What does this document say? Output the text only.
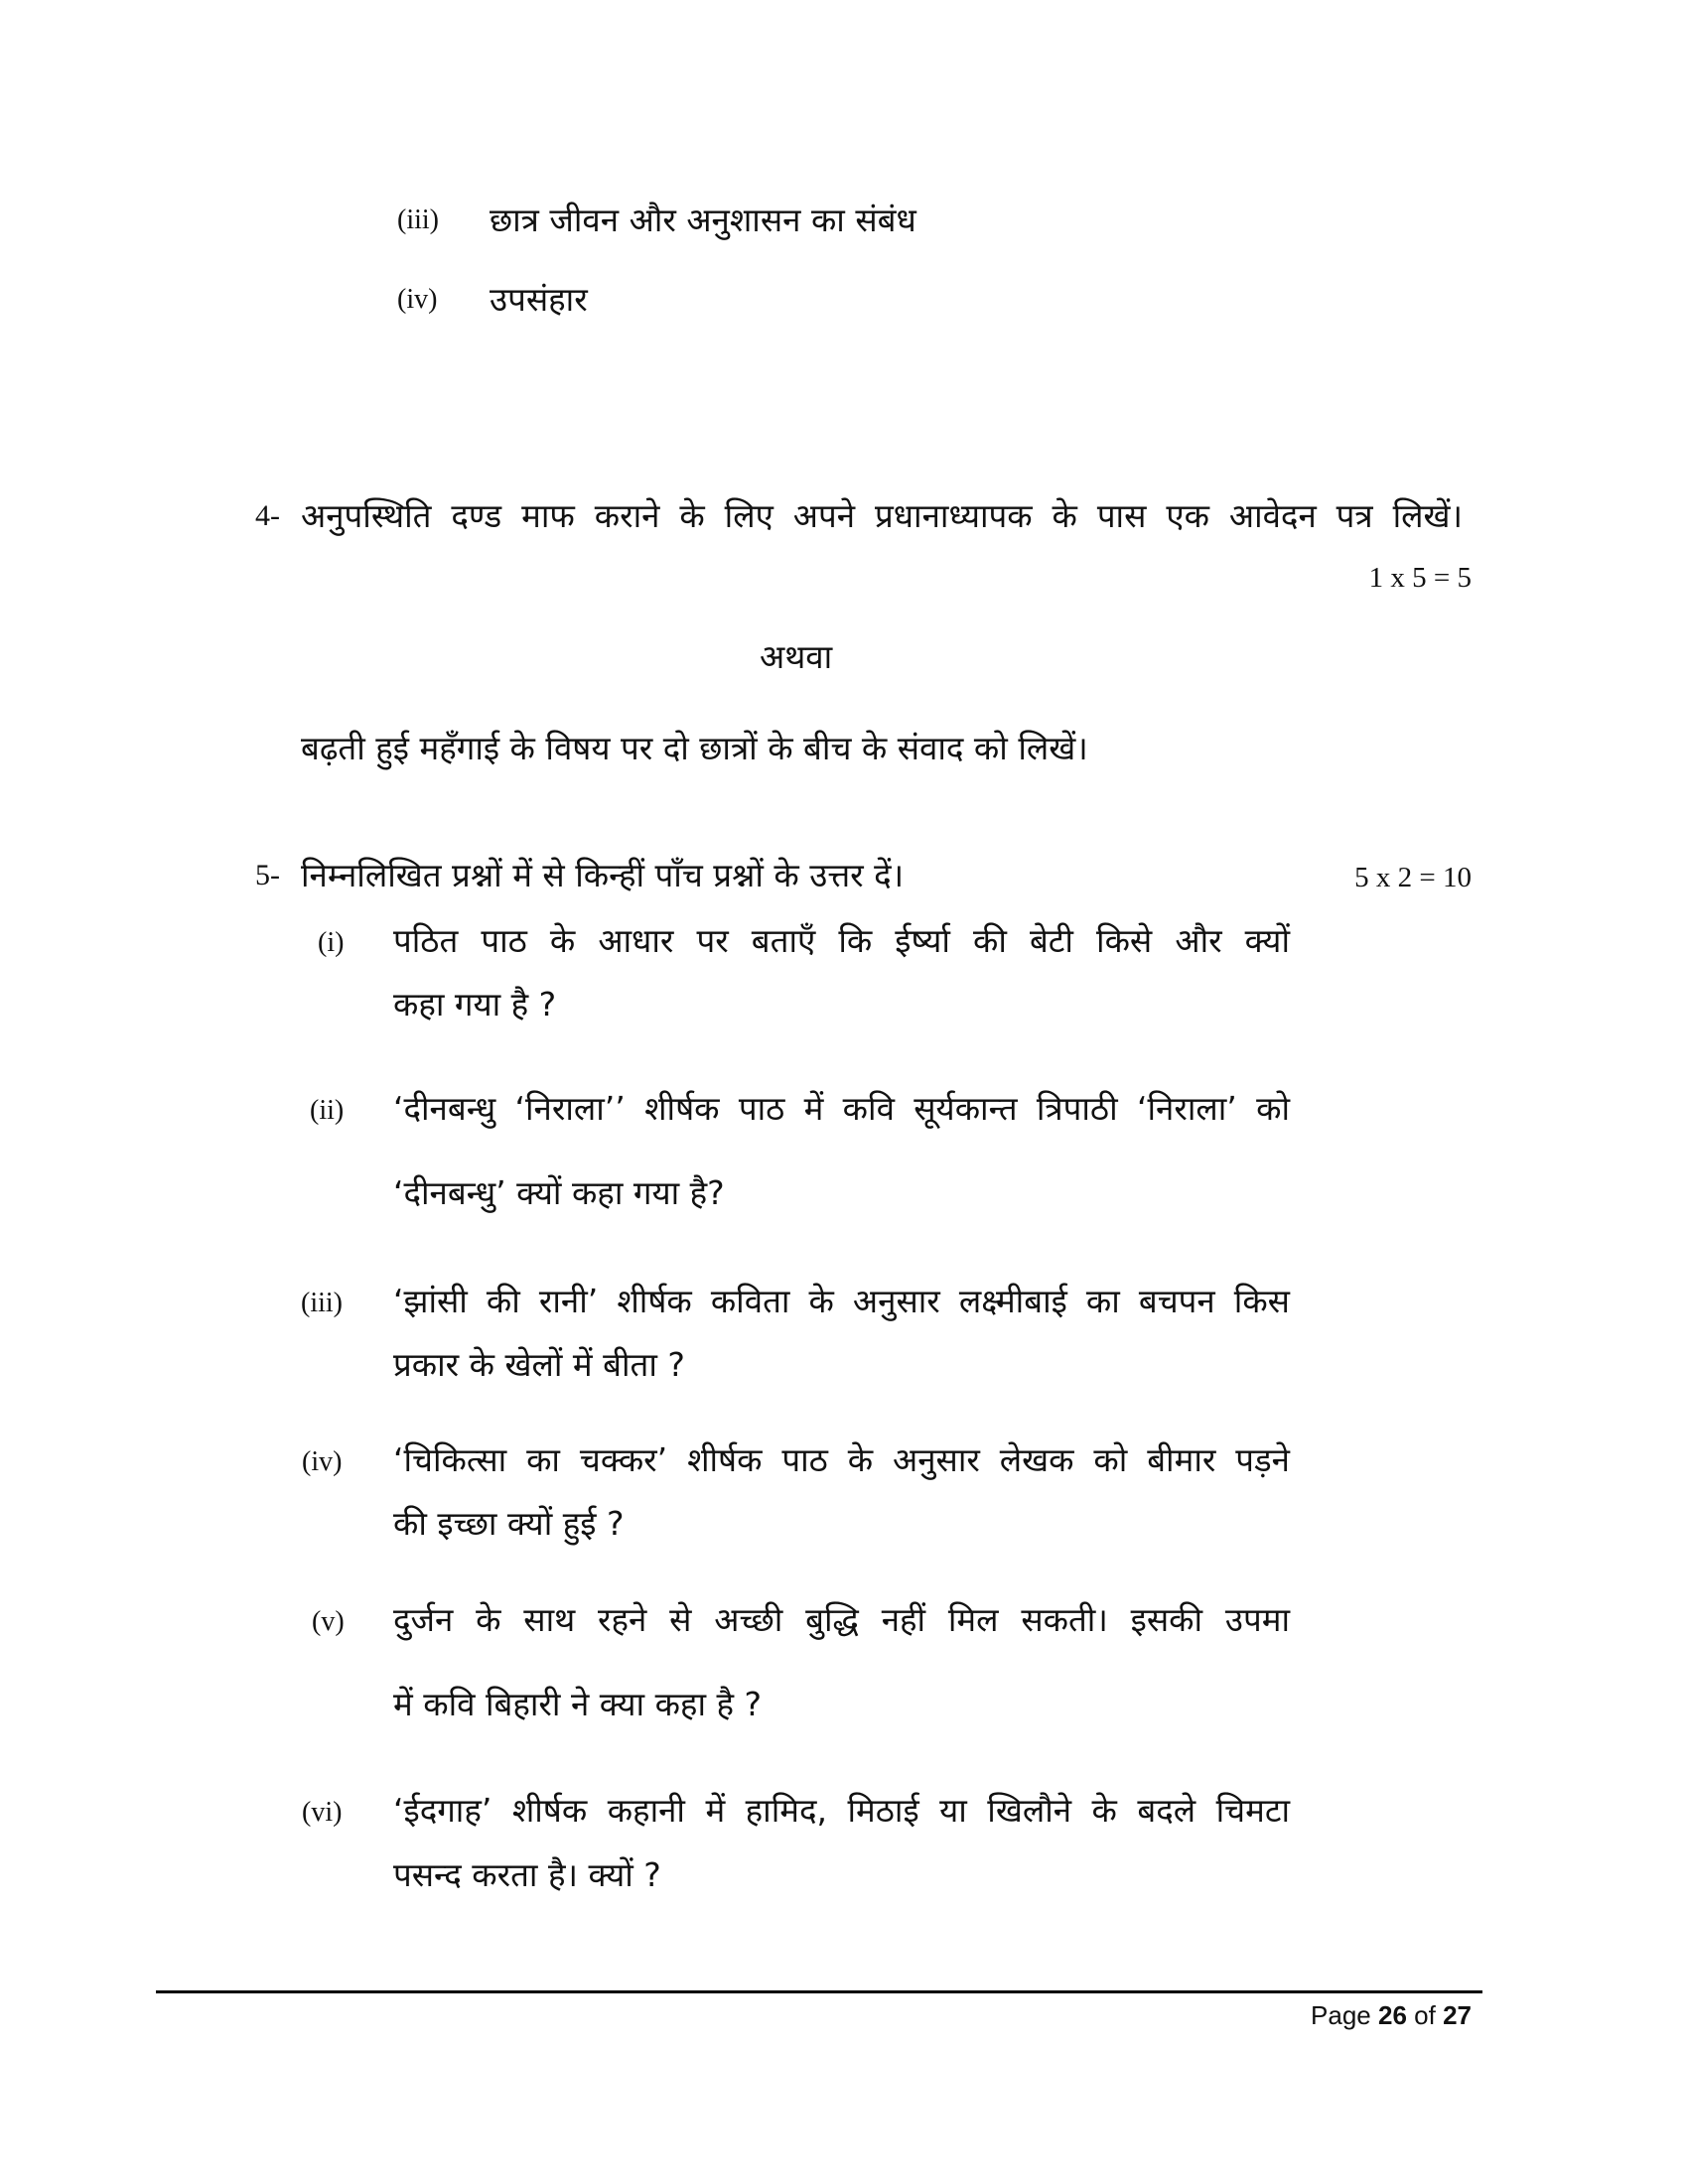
(iii) छात्र जीवन और अनुशासन का संबंध
(iv) उपसंहार
4- अनुपस्थिति दण्ड माफ कराने के लिए अपने प्रधानाध्यापक के पास एक आवेदन पत्र लिखें।
1 x 5 = 5
अथवा
बढ़ती हुई महँगाई के विषय पर दो छात्रों के बीच के संवाद को लिखें।
5- निम्नलिखित प्रश्नों में से किन्हीं पाँच प्रश्नों के उत्तर दें।	5 x 2 = 10
(i) पठित पाठ के आधार पर बताएँ कि ईर्ष्या की बेटी किसे और क्यों
कहा गया है ?
(ii) ‘दीनबन्धु ‘निराला’’ शीर्षक पाठ में कवि सूर्यकान्त त्रिपाठी ‘निराला’ को
‘दीनबन्धु’ क्यों कहा गया है?
(iii) ‘झांसी की रानी’ शीर्षक कविता के अनुसार लक्ष्मीबाई का बचपन किस
प्रकार के खेलों में बीता ?
(iv) ‘चिकित्सा का चक्कर’ शीर्षक पाठ के अनुसार लेखक को बीमार पड़ने
की इच्छा क्यों हुई ?
(v) दुर्जन के साथ रहने से अच्छी बुद्धि नहीं मिल सकती। इसकी उपमा
में कवि बिहारी ने क्या कहा है ?
(vi) ‘ईदगाह’ शीर्षक कहानी में हामिद, मिठाई या खिलौने के बदले चिमटा
पसन्द करता है। क्यों ?
Page 26 of 27
